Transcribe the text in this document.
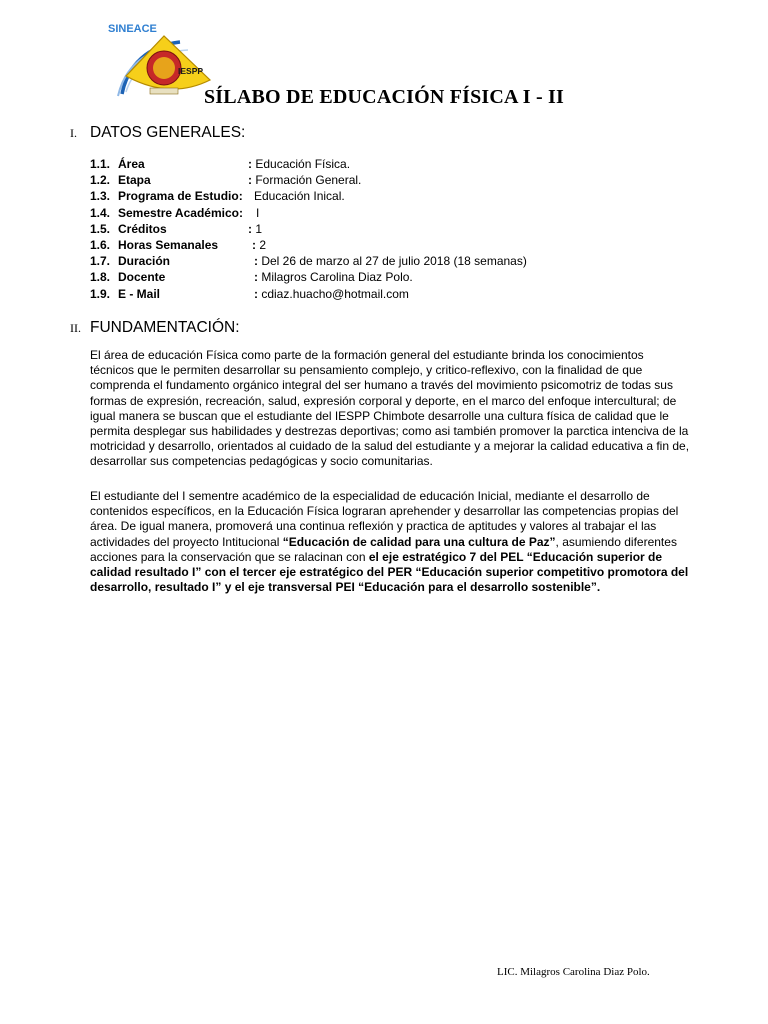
SINEACE
IESPP
SÍLABO DE EDUCACIÓN FÍSICA I - II
I. DATOS GENERALES:
1.1. Área	: Educación Física.
1.2. Etapa	: Formación General.
1.3. Programa de Estudio: Educación Inical.
1.4. Semestre Académico: I
1.5. Créditos	: 1
1.6. Horas Semanales	: 2
1.7. Duración	: Del 26 de marzo al 27 de julio 2018 (18 semanas)
1.8. Docente	: Milagros Carolina Diaz Polo.
1.9. E - Mail	: cdiaz.huacho@hotmail.com
II. FUNDAMENTACIÓN:

El área de educación Física como parte de la formación general del estudiante brinda los conocimientos técnicos que le permiten desarrollar su pensamiento complejo, y critico-reflexivo, con la finalidad de que comprenda el fundamento orgánico integral del ser humano a través del movimiento psicomotriz de todas sus formas de expresión, recreación, salud, expresión corporal y deporte, en el marco del enfoque intercultural; de igual manera se buscan que el estudiante del IESPP Chimbote desarrolle una cultura física de calidad que le permita desplegar sus habilidades y destrezas deportivas; como asi también promover la parctica intenciva de la motricidad y desarrollo, orientados al cuidado de la salud del estudiante y a mejorar la calidad educativa a fin de, desarrollar sus competencias pedagógicas y socio comunitarias.

El estudiante del I sementre académico de la especialidad de educación Inicial, mediante el desarrollo de contenidos específicos, en la Educación Física lograran aprehender y desarrollar las competencias propias del área. De igual manera, promoverá una continua reflexión y practica de aptitudes y valores al trabajar el las actividades del proyecto Intitucional “Educación de calidad para una cultura de Paz”, asumiendo diferentes acciones para la conservación que se ralacinan con el eje estratégico 7 del PEL “Educación superior de calidad resultado I” con el tercer eje estratégico del PER “Educación superior competitivo promotora del desarrollo, resultado I” y el eje transversal PEI “Educación para el desarrollo sostenible”.

LIC. Milagros Carolina Diaz Polo.
